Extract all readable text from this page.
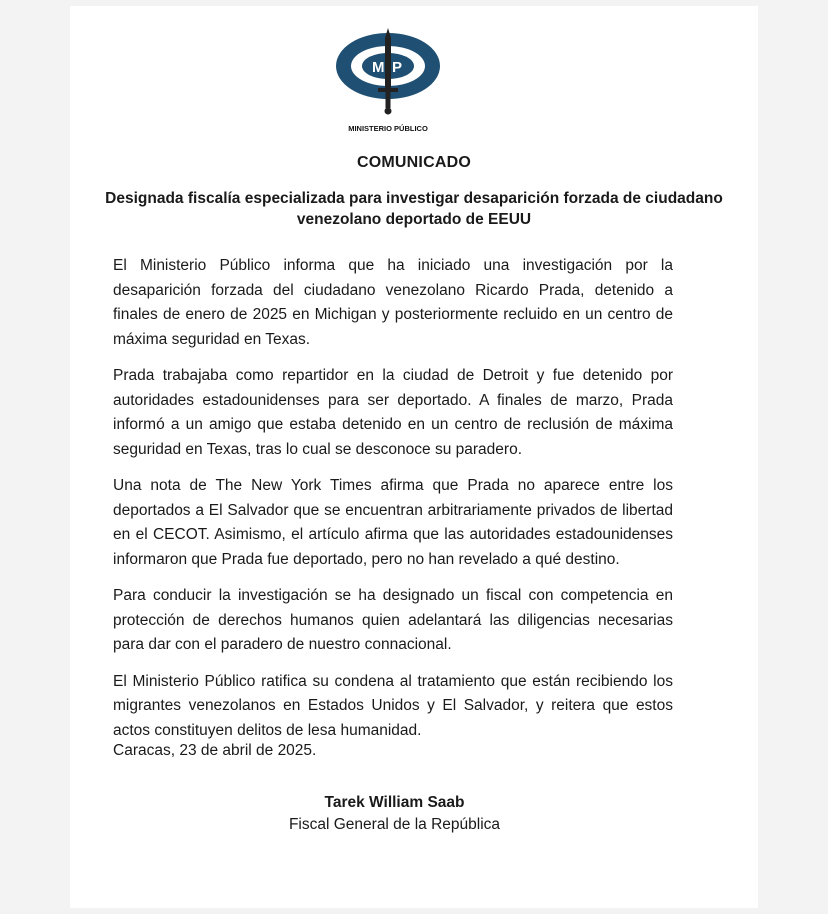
M P
MINISTERIO PÚBLICO
COMUNICADO
Designada fiscalía especializada para investigar desaparición forzada de ciudadano venezolano deportado de EEUU

El Ministerio Público informa que ha iniciado una investigación por la desaparición forzada del ciudadano venezolano Ricardo Prada, detenido a finales de enero de 2025 en Michigan y posteriormente recluido en un centro de máxima seguridad en Texas.

Prada trabajaba como repartidor en la ciudad de Detroit y fue detenido por autoridades estadounidenses para ser deportado. A finales de marzo, Prada informó a un amigo que estaba detenido en un centro de reclusión de máxima seguridad en Texas, tras lo cual se desconoce su paradero.

Una nota de The New York Times afirma que Prada no aparece entre los deportados a El Salvador que se encuentran arbitrariamente privados de libertad en el CECOT. Asimismo, el artículo afirma que las autoridades estadounidenses informaron que Prada fue deportado, pero no han revelado a qué destino.

Para conducir la investigación se ha designado un fiscal con competencia en protección de derechos humanos quien adelantará las diligencias necesarias para dar con el paradero de nuestro connacional.

El Ministerio Público ratifica su condena al tratamiento que están recibiendo los migrantes venezolanos en Estados Unidos y El Salvador, y reitera que estos actos constituyen delitos de lesa humanidad.

Caracas, 23 de abril de 2025.
Tarek William Saab
Fiscal General de la República
